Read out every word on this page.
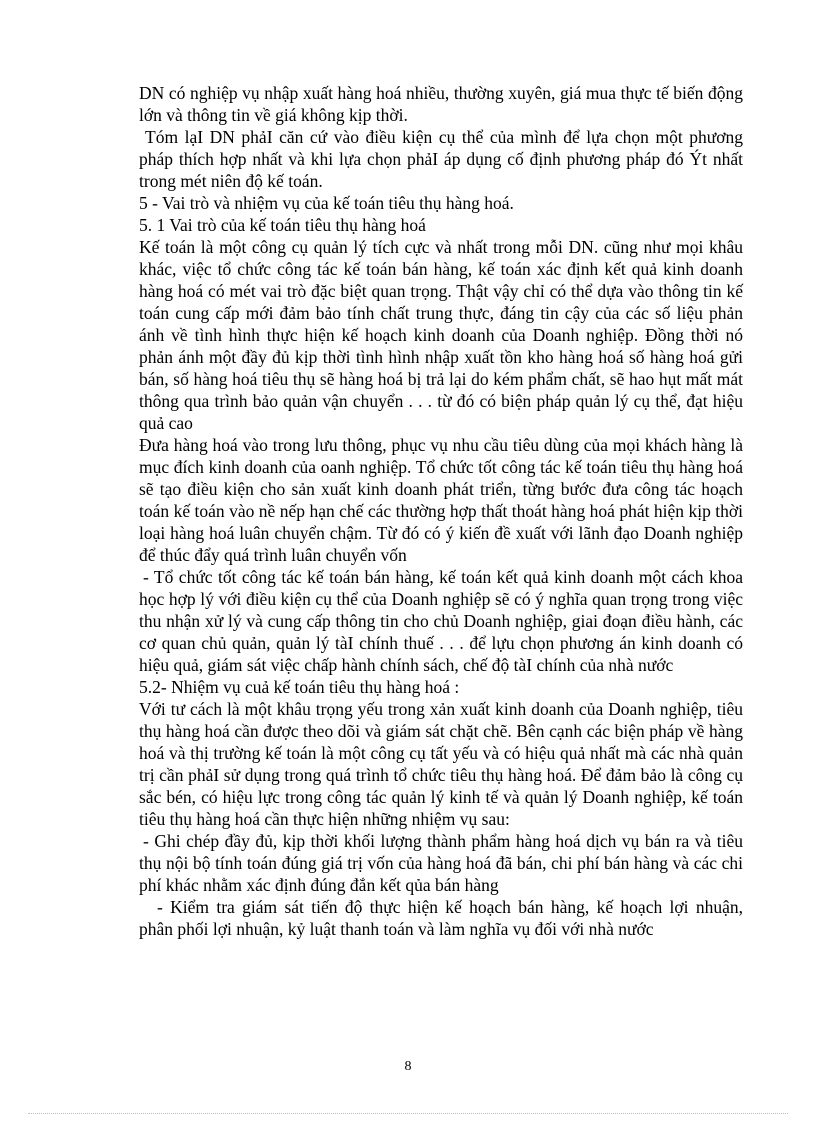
DN có nghiệp vụ nhập xuất hàng hoá nhiều, thường xuyên, giá mua thực tế biến động lớn và thông tin về giá không kịp thời.

Tóm lạI DN phảI căn cứ vào điều kiện cụ thể của mình để lựa chọn một phương pháp thích hợp nhất và khi lựa chọn phảI áp dụng cố định phương pháp đó Ýt nhất trong mét niên độ kế toán.

5 - Vai trò và nhiệm vụ của kế toán tiêu thụ hàng hoá.

5. 1 Vai trò của kế toán tiêu thụ hàng hoá

Kế toán là một công cụ quản lý tích cực và nhất trong mỗi DN. cũng như mọi khâu khác, việc tổ chức công tác kế toán bán hàng, kế toán xác định kết quả kinh doanh hàng hoá có mét vai trò đặc biệt quan trọng. Thật vậy chỉ có thể dựa vào thông tin kế toán cung cấp mới đảm bảo tính chất trung thực, đáng tin cậy của các số liệu phản ánh về tình hình thực hiện kế hoạch kinh doanh của Doanh nghiệp. Đồng thời nó phản ánh một đầy đủ kịp thời tình hình nhập xuất tồn kho hàng hoá số hàng hoá gửi bán, số hàng hoá tiêu thụ sẽ hàng hoá bị trả lại do kém phẩm chất, sẽ hao hụt mất mát thông qua trình bảo quản vận chuyển . . . từ đó có biện pháp quản lý cụ thể, đạt hiệu quả cao

Đưa hàng hoá vào trong lưu thông, phục vụ nhu cầu tiêu dùng của mọi khách hàng là mục đích kinh doanh của oanh nghiệp. Tổ chức tốt công tác kế toán tiêu thụ hàng hoá sẽ tạo điều kiện cho sản xuất kinh doanh phát triển, từng bước đưa công tác hoạch toán kế toán vào nề nếp hạn chế các thường hợp thất thoát hàng hoá phát hiện kịp thời loại hàng hoá luân chuyển chậm. Từ đó có ý kiến đề xuất với lãnh đạo Doanh nghiệp để thúc đẩy quá trình luân chuyển vốn

- Tổ chức tốt công tác kế toán bán hàng, kế toán kết quả kinh doanh một cách khoa học hợp lý với điều kiện cụ thể của Doanh nghiệp sẽ có ý nghĩa quan trọng trong việc thu nhận xử lý và cung cấp thông tin cho chủ Doanh nghiệp, giai đoạn điều hành, các cơ quan chủ quản, quản lý tàI chính thuế . . . để lựu chọn phương án kinh doanh có hiệu quả, giám sát việc chấp hành chính sách, chế độ tàI chính của nhà nước

5.2- Nhiệm vụ cuả kế toán tiêu thụ hàng hoá :

Với tư cách là một khâu trọng yếu trong xản xuất kinh doanh của Doanh nghiệp, tiêu thụ hàng hoá cần được theo dõi và giám sát chặt chẽ. Bên cạnh các biện pháp về hàng hoá và thị trường kế toán là một công cụ tất yếu và có hiệu quả nhất mà các nhà quản trị cần phảI sử dụng trong quá trình tổ chức tiêu thụ hàng hoá. Để đảm bảo là công cụ sắc bén, có hiệu lực trong công tác quản lý kinh tế và quản lý Doanh nghiệp, kế toán tiêu thụ hàng hoá cần thực hiện những nhiệm vụ sau:

- Ghi chép đầy đủ, kịp thời khối lượng thành phẩm hàng hoá dịch vụ bán ra và tiêu thụ nội bộ tính toán đúng giá trị vốn của hàng hoá đã bán, chi phí bán hàng và các chi phí khác nhằm xác định đúng đắn kết qủa bán hàng

- Kiểm tra giám sát tiến độ thực hiện kế hoạch bán hàng, kế hoạch lợi nhuận,          phân phối lợi nhuận, kỷ luật thanh toán và làm nghĩa vụ đối với nhà nước

8
